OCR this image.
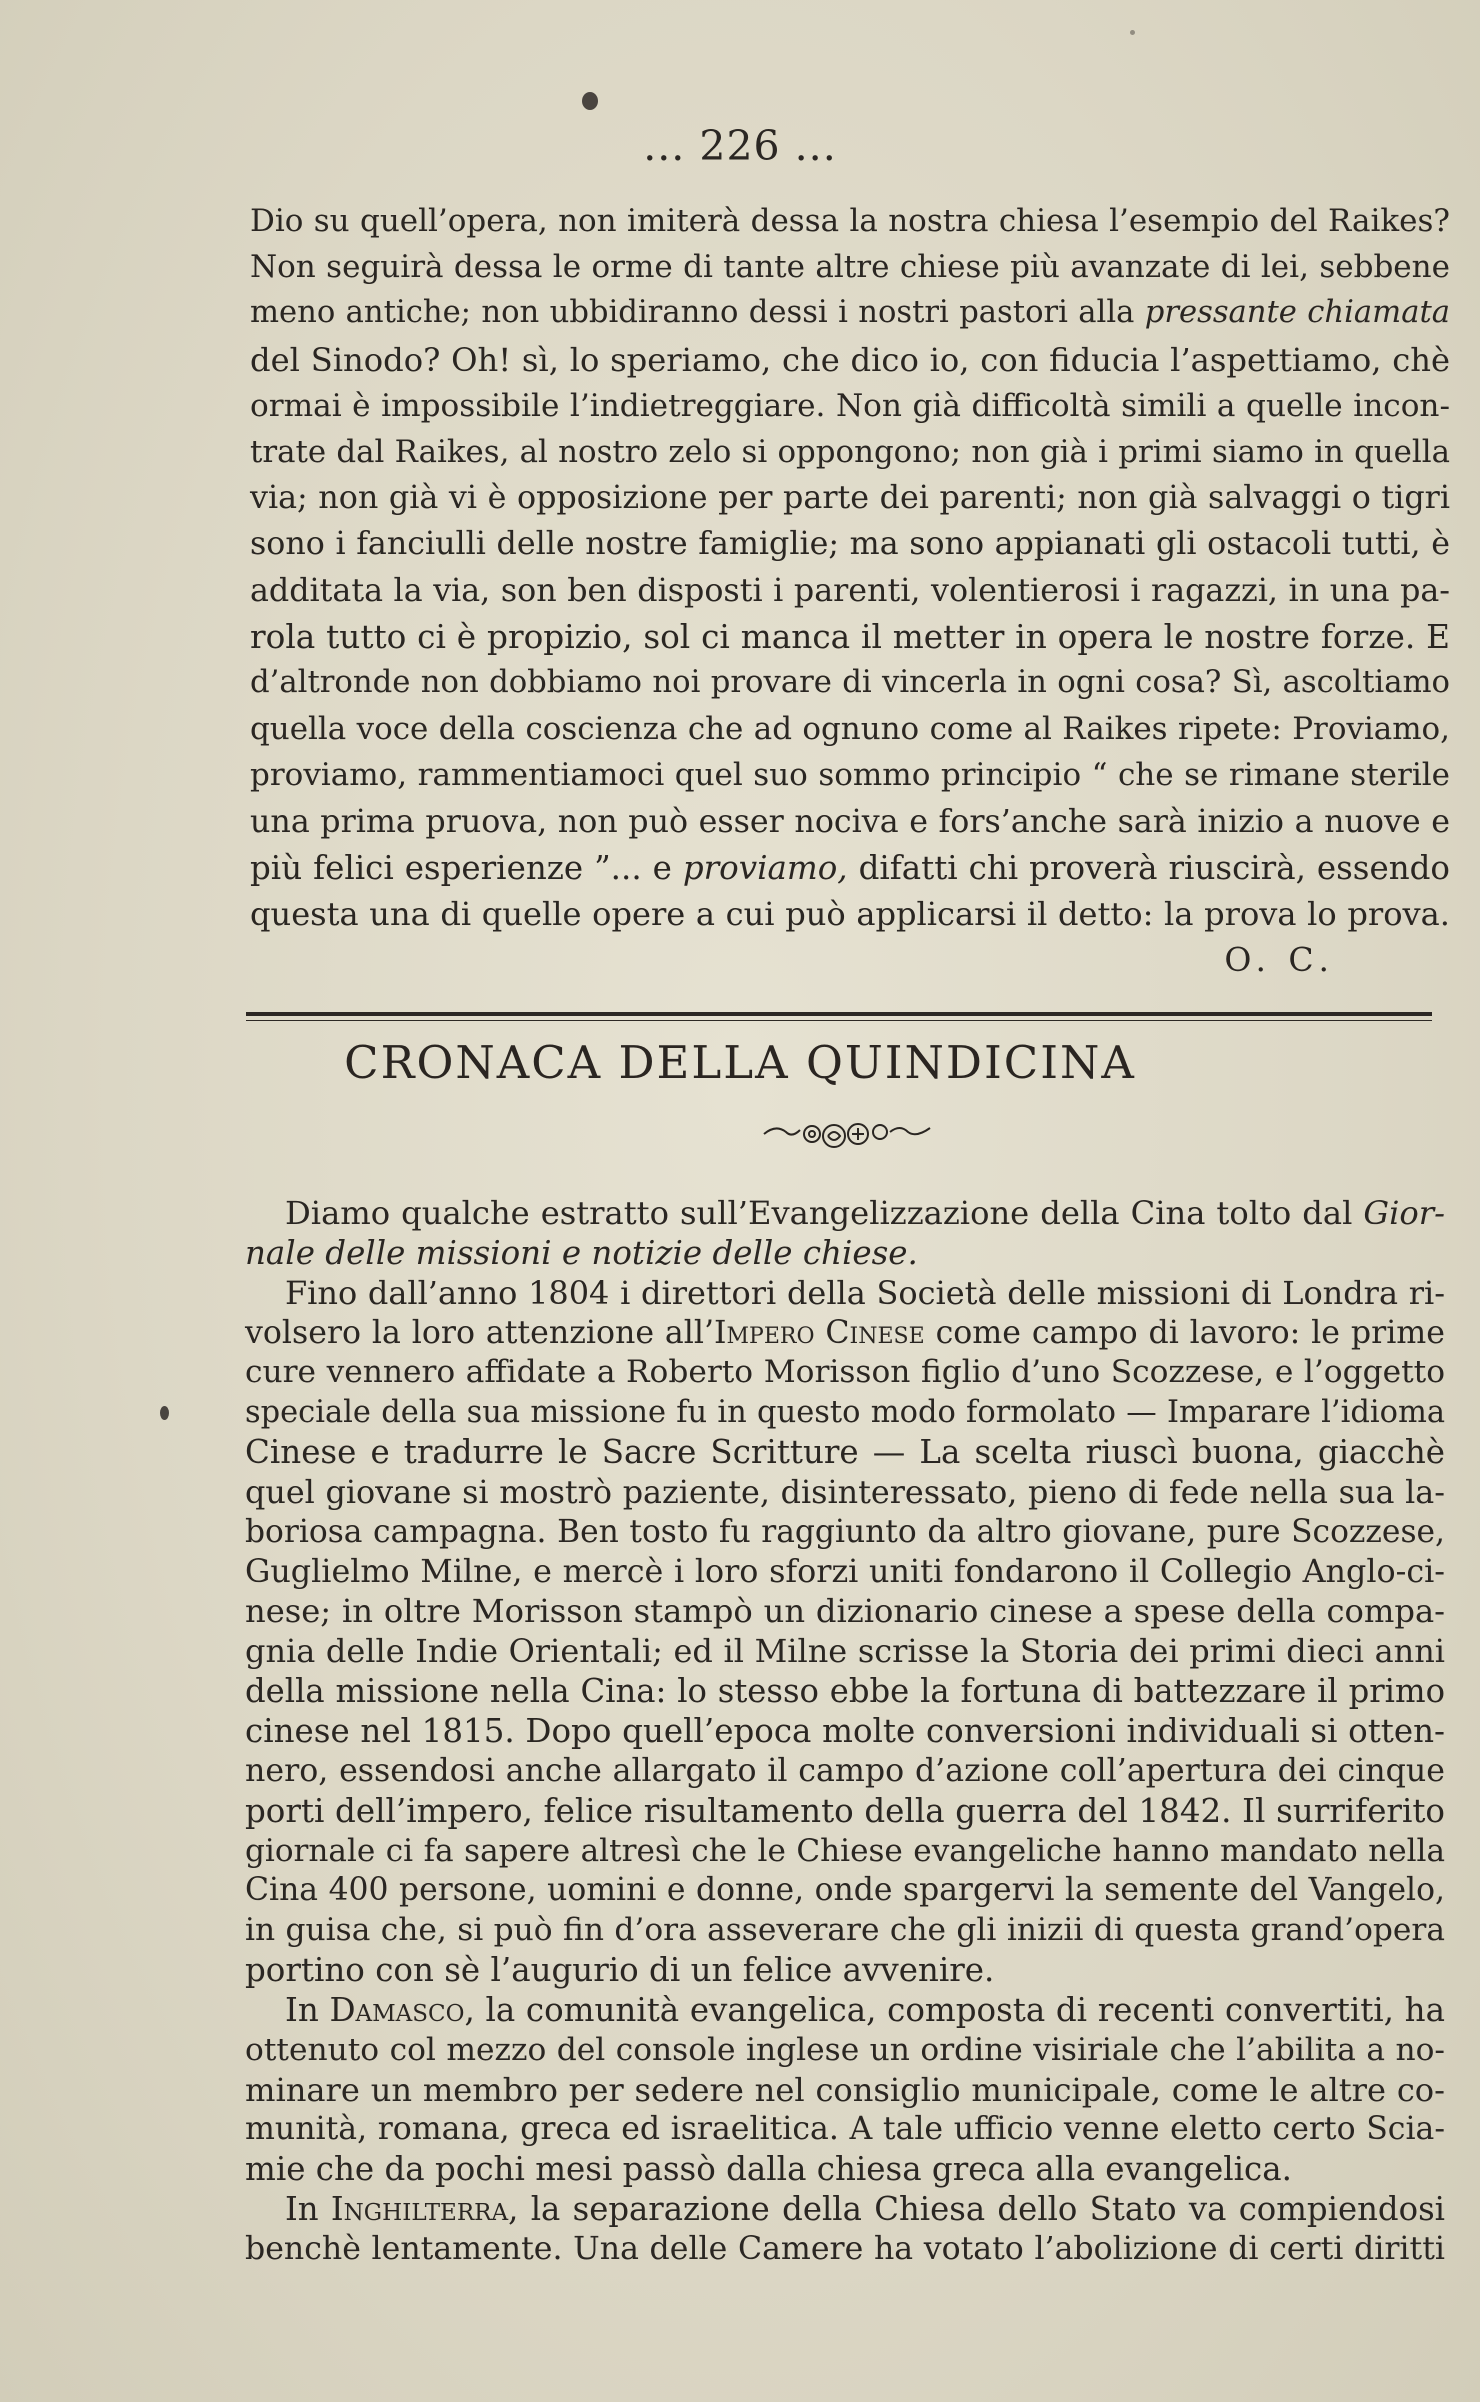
... 226 ...
Dio su quell’opera, non imiterà dessa la nostra chiesa l’esempio del Raikes?
Non seguirà dessa le orme di tante altre chiese più avanzate di lei, sebbene
meno antiche; non ubbidiranno dessi i nostri pastori alla pressante chiamata
del Sinodo? Oh! sì, lo speriamo, che dico io, con fiducia l’aspettiamo, chè
ormai è impossibile l’indietreggiare. Non già difficoltà simili a quelle incon-
trate dal Raikes, al nostro zelo si oppongono; non già i primi siamo in quella
via; non già vi è opposizione per parte dei parenti; non già salvaggi o tigri
sono i fanciulli delle nostre famiglie; ma sono appianati gli ostacoli tutti, è
additata la via, son ben disposti i parenti, volentierosi i ragazzi, in una pa-
rola tutto ci è propizio, sol ci manca il metter in opera le nostre forze. E
d’altronde non dobbiamo noi provare di vincerla in ogni cosa? Sì, ascoltiamo
quella voce della coscienza che ad ognuno come al Raikes ripete: Proviamo,
proviamo, rammentiamoci quel suo sommo principio “ che se rimane sterile
una prima pruova, non può esser nociva e fors’anche sarà inizio a nuove e
più felici esperienze ”... e proviamo, difatti chi proverà riuscirà, essendo
questa una di quelle opere a cui può applicarsi il detto: la prova lo prova.
O. C.
CRONACA DELLA QUINDICINA
Diamo qualche estratto sull’Evangelizzazione della Cina tolto dal Gior-
nale delle missioni e notizie delle chiese.
Fino dall’anno 1804 i direttori della Società delle missioni di Londra ri-
volsero la loro attenzione all’Impero Cinese come campo di lavoro: le prime
cure vennero affidate a Roberto Morisson figlio d’uno Scozzese, e l’oggetto
speciale della sua missione fu in questo modo formolato — Imparare l’idioma
Cinese e tradurre le Sacre Scritture — La scelta riuscì buona, giacchè
quel giovane si mostrò paziente, disinteressato, pieno di fede nella sua la-
boriosa campagna. Ben tosto fu raggiunto da altro giovane, pure Scozzese,
Guglielmo Milne, e mercè i loro sforzi uniti fondarono il Collegio Anglo-ci-
nese; in oltre Morisson stampò un dizionario cinese a spese della compa-
gnia delle Indie Orientali; ed il Milne scrisse la Storia dei primi dieci anni
della missione nella Cina: lo stesso ebbe la fortuna di battezzare il primo
cinese nel 1815. Dopo quell’epoca molte conversioni individuali si otten-
nero, essendosi anche allargato il campo d’azione coll’apertura dei cinque
porti dell’impero, felice risultamento della guerra del 1842. Il surriferito
giornale ci fa sapere altresì che le Chiese evangeliche hanno mandato nella
Cina 400 persone, uomini e donne, onde spargervi la semente del Vangelo,
in guisa che, si può fin d’ora asseverare che gli inizii di questa grand’opera
portino con sè l’augurio di un felice avvenire.
In Damasco, la comunità evangelica, composta di recenti convertiti, ha
ottenuto col mezzo del console inglese un ordine visiriale che l’abilita a no-
minare un membro per sedere nel consiglio municipale, come le altre co-
munità, romana, greca ed israelitica. A tale ufficio venne eletto certo Scia-
mie che da pochi mesi passò dalla chiesa greca alla evangelica.
In Inghilterra, la separazione della Chiesa dello Stato va compiendosi
benchè lentamente. Una delle Camere ha votato l’abolizione di certi diritti
